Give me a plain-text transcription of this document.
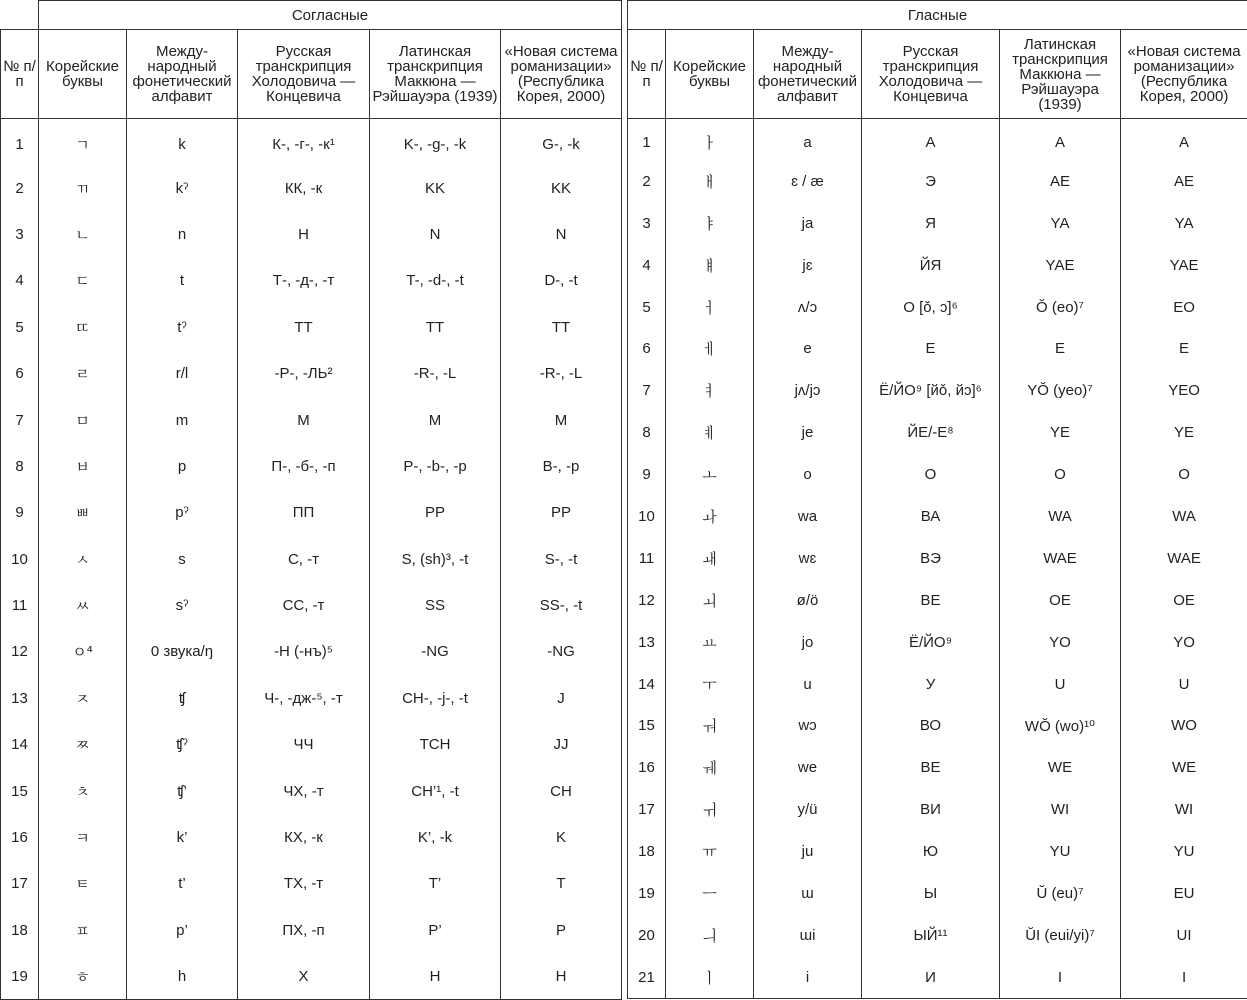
	Согласные				
№ п/п	Корейские буквы	Между-народный фонетический алфавит	Русская транскрипция Холодовича — Концевича	Латинская транскрипция Маккюна — Рэйшауэра (1939)	«Новая система романизации» (Республика Корея, 2000)
1	ㄱ	k	К-, -г-, -к¹	K-, -g-, -k	G-, -k
2	ㄲ	kˀ	КК, -к	KK	KK
3	ㄴ	n	Н	N	N
4	ㄷ	t	Т-, -д-, -т	T-, -d-, -t	D-, -t
5	ㄸ	tˀ	ТТ	TT	TT
6	ㄹ	r/l	-Р-, -ЛЬ²	-R-, -L	-R-, -L
7	ㅁ	m	М	M	M
8	ㅂ	p	П-, -б-, -п	P-, -b-, -p	B-, -p
9	ㅃ	pˀ	ПП	PP	PP
10	ㅅ	s	С, -т	S, (sh)³, -t	S-, -t
11	ㅆ	sˀ	СС, -т	SS	SS-, -t
12	ㅇ⁴	0 звука/ŋ	-Н (-нъ)⁵	-NG	-NG
13	ㅈ	ʧ	Ч-, -дж-⁵, -т	CH-, -j-, -t	J
14	ㅉ	ʧˀ	ЧЧ	TCH	JJ
15	ㅊ	ʧ’	ЧХ, -т	CH’¹, -t	CH
16	ㅋ	k’	КХ, -к	K’, -k	K
17	ㅌ	t’	ТХ, -т	T’	T
18	ㅍ	p’	ПХ, -п	P’	P
19	ㅎ	h	Х	H	H
Гласные					
№ п/п	Корейские буквы	Между-народный фонетический алфавит	Русская транскрипция Холодовича — Концевича	Латинская транскрипция Маккюна — Рэйшауэра (1939)	«Новая система романизации» (Республика Корея, 2000)
1	ㅏ	a	А	A	A
2	ㅐ	ɛ / æ	Э	AE	AE
3	ㅑ	ja	Я	YA	YA
4	ㅒ	jɛ	ЙЯ	YAE	YAE
5	ㅓ	ʌ/ɔ	О [ǒ, ɔ]⁶	Ŏ (eo)⁷	EO
6	ㅔ	e	Е	E	E
7	ㅕ	jʌ/jɔ	Ё/ЙО⁹ [йǒ, йɔ]⁶	YŎ (yeo)⁷	YEO
8	ㅖ	je	ЙЕ/-Е⁸	YE	YE
9	ㅗ	o	О	O	O
10	ㅘ	wa	ВА	WA	WA
11	ㅙ	wɛ	ВЭ	WAE	WAE
12	ㅚ	ø/ö	ВЕ	OE	OE
13	ㅛ	jo	Ё/ЙО⁹	YO	YO
14	ㅜ	u	У	U	U
15	ㅝ	wɔ	ВО	WŎ (wo)¹⁰	WO
16	ㅞ	we	ВЕ	WE	WE
17	ㅟ	y/ü	ВИ	WI	WI
18	ㅠ	ju	Ю	YU	YU
19	ㅡ	ɯ	Ы	Ŭ (eu)⁷	EU
20	ㅢ	ɯi	ЫЙ¹¹	ŬI (eui/yi)⁷	UI
21	ㅣ	i	И	I	I
